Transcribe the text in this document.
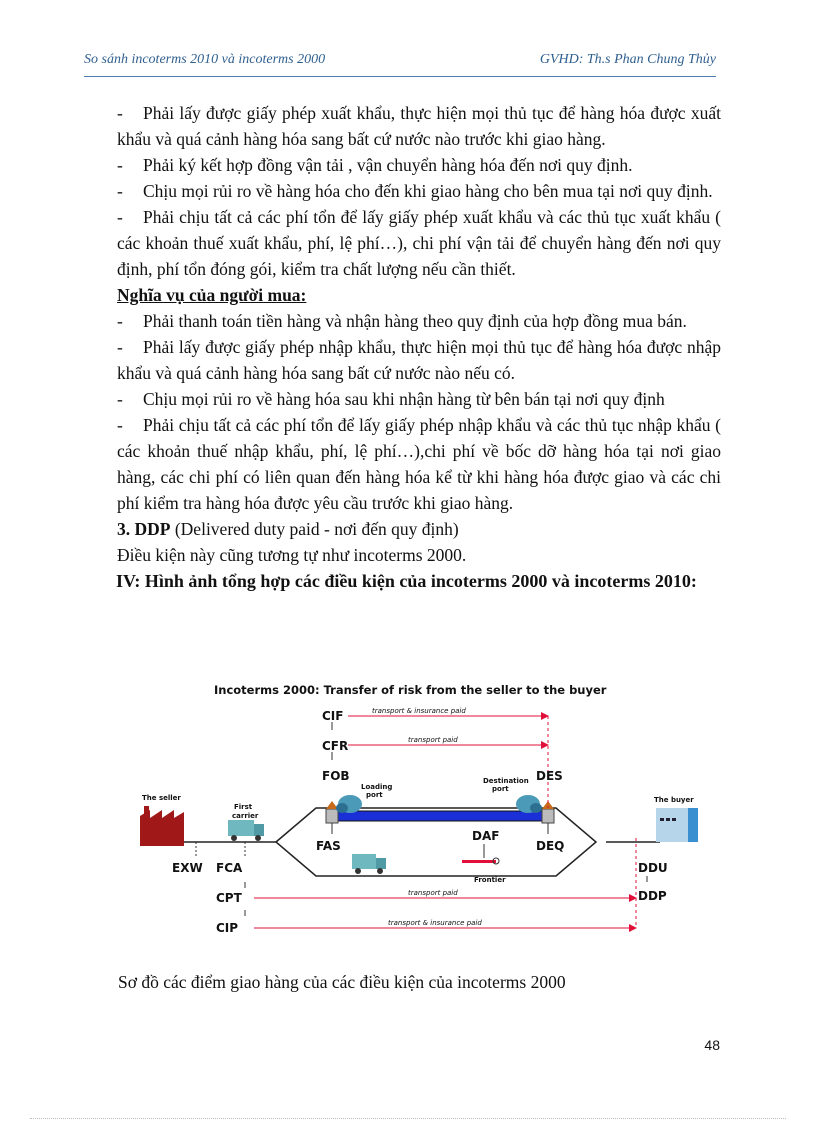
So sánh incoterms 2010 và incoterms 2000	GVHD: Th.s Phan Chung Thủy

- Phải lấy được giấy phép xuất khẩu, thực hiện mọi thủ tục để hàng hóa được xuất khẩu và quá cảnh hàng hóa sang bất cứ nước nào trước khi giao hàng.

- Phải ký kết hợp đồng vận tải , vận chuyển hàng hóa đến nơi quy định.

- Chịu mọi rủi ro về hàng hóa cho đến khi giao hàng cho bên mua tại nơi quy định.

- Phải chịu tất cả các phí tổn để lấy giấy phép xuất khẩu và các thủ tục xuất khẩu ( các khoản thuế xuất khẩu, phí, lệ phí…), chi phí vận tải để chuyển hàng đến nơi quy định, phí tổn đóng gói, kiểm tra chất lượng nếu cần thiết.

Nghĩa vụ của người mua:

- Phải thanh toán tiền hàng và nhận hàng theo quy định của hợp đồng mua bán.

- Phải lấy được giấy phép nhập khẩu, thực hiện mọi thủ tục để hàng hóa được nhập khẩu và quá cảnh hàng hóa sang bất cứ nước nào nếu có.

- Chịu mọi rủi ro về hàng hóa sau khi nhận hàng từ bên bán tại nơi quy định

- Phải chịu tất cả các phí tổn để lấy giấy phép nhập khẩu và các thủ tục nhập khẩu ( các khoản thuế nhập khẩu, phí, lệ phí…),chi phí về bốc dỡ hàng hóa tại nơi giao hàng, các chi phí có liên quan đến hàng hóa kể từ khi hàng hóa được giao và các chi phí kiểm tra hàng hóa được yêu cầu trước khi giao hàng.

3. DDP (Delivered duty paid - nơi đến quy định)

Điều kiện này cũng tương tự như incoterms 2000.

IV: Hình ảnh tổng hợp các điều kiện của incoterms 2000 và incoterms 2010:

Incoterms 2000: Transfer of risk from the seller to the buyer
The seller
First
carrier
Loading
port
Destination
port
Frontier
The buyer
transport & insurance paid
transport paid
transport paid
transport & insurance paid
CIF
CFR
FOB	DES
FAS
DAF
DEQ
EXW FCA
CPT
CIP
DDU
DDP
Sơ đồ các điểm giao hàng của các điều kiện của incoterms 2000
48
